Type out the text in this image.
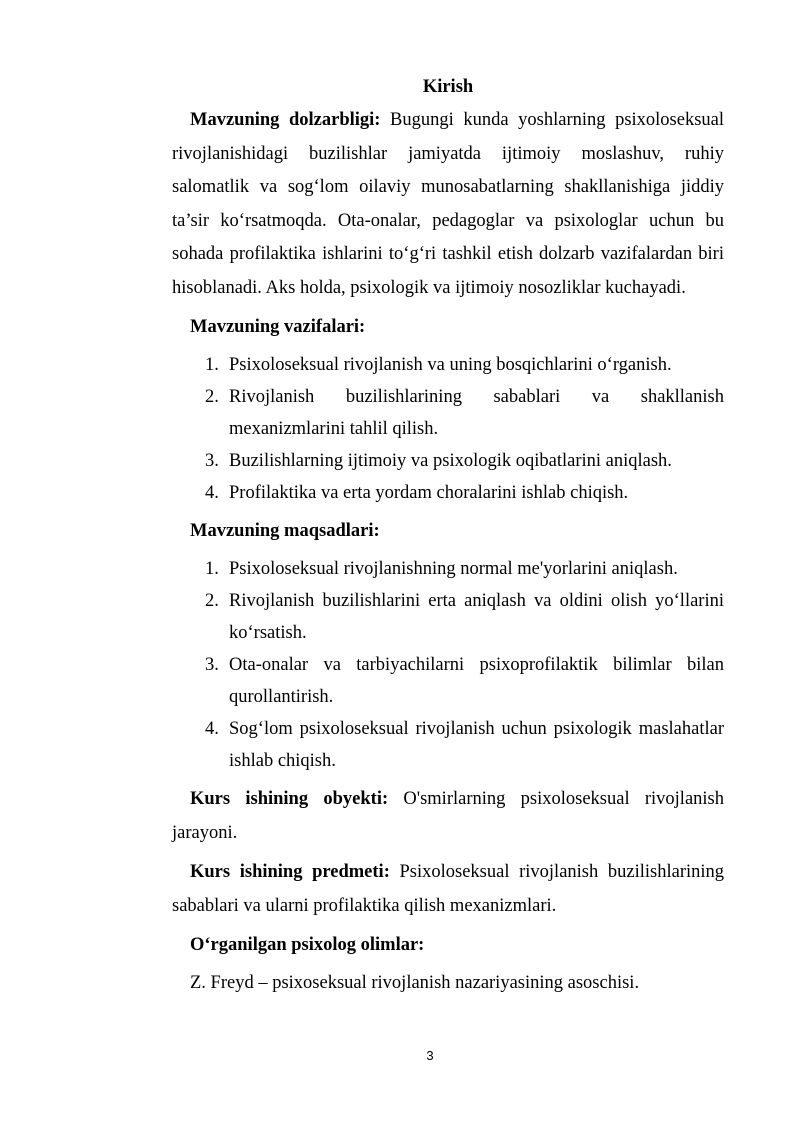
Kirish

Mavzuning dolzarbligi: Bugungi kunda yoshlarning psixoloseksual rivojlanishidagi buzilishlar jamiyatda ijtimoiy moslashuv, ruhiy salomatlik va sog‘lom oilaviy munosabatlarning shakllanishiga jiddiy ta’sir ko‘rsatmoqda. Ota-onalar, pedagoglar va psixologlar uchun bu sohada profilaktika ishlarini to‘g‘ri tashkil etish dolzarb vazifalardan biri hisoblanadi. Aks holda, psixologik va ijtimoiy nosozliklar kuchayadi.

Mavzuning vazifalari:

1. Psixoloseksual rivojlanish va uning bosqichlarini o‘rganish.
2. Rivojlanish buzilishlarining sabablari va shakllanish mexanizmlarini tahlil qilish.
3. Buzilishlarning ijtimoiy va psixologik oqibatlarini aniqlash.
4. Profilaktika va erta yordam choralarini ishlab chiqish.

Mavzuning maqsadlari:

1. Psixoloseksual rivojlanishning normal me'yorlarini aniqlash.
2. Rivojlanish buzilishlarini erta aniqlash va oldini olish yo‘llarini ko‘rsatish.
3. Ota-onalar va tarbiyachilarni psixoprofilaktik bilimlar bilan qurollantirish.
4. Sog‘lom psixoloseksual rivojlanish uchun psixologik maslahatlar ishlab chiqish.

Kurs ishining obyekti: O'smirlarning psixoloseksual rivojlanish jarayoni.

Kurs ishining predmeti: Psixoloseksual rivojlanish buzilishlarining sabablari va ularni profilaktika qilish mexanizmlari.

O‘rganilgan psixolog olimlar:

Z. Freyd – psixoseksual rivojlanish nazariyasining asoschisi.

3
